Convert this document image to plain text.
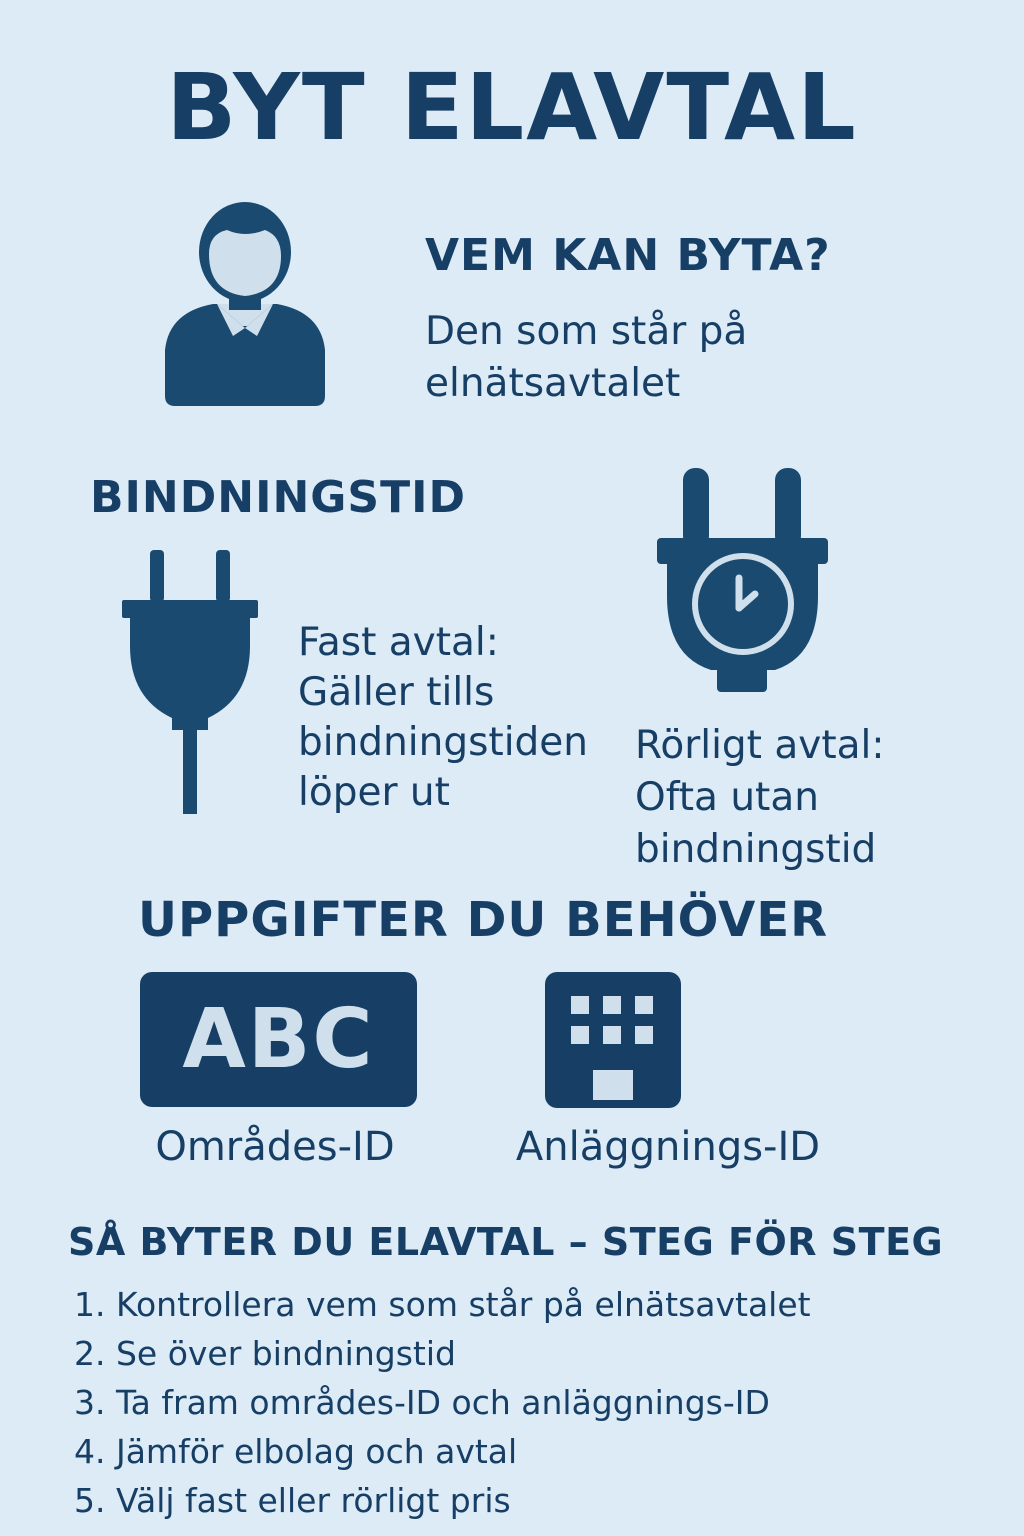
BYT ELAVTAL
VEM KAN BYTA?
Den som står på
elnätsavtalet
BINDNINGSTID
Fast avtal:
Gäller tills
bindningstiden
löper ut
Rörligt avtal:
Ofta utan
bindningstid
UPPGIFTER DU BEHÖVER
ABC
Områdes-ID	Anläggnings-ID
SÅ BYTER DU ELAVTAL – STEG FÖR STEG
1. Kontrollera vem som står på elnätsavtalet
2. Se över bindningstid
3. Ta fram områdes-ID och anläggnings-ID
4. Jämför elbolag och avtal
5. Välj fast eller rörligt pris
